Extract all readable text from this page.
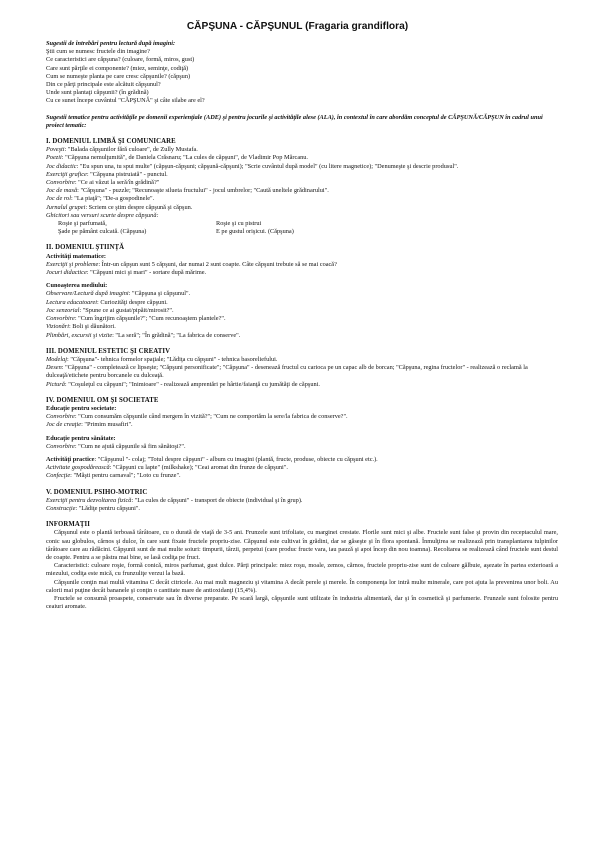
CĂPŞUNA - CĂPŞUNUL (Fragaria grandiflora)
Sugestii de întrebări pentru lectură după imagini:
Ştii cum se numesc fructele din imagine?
Ce caracteristici are căpşuna? (culoare, formă, miros, gust)
Care sunt părţile ei componente? (miez, seminţe, codiţă)
Cum se numeşte planta pe care cresc căpşunile? (căpşun)
Din ce părţi principale este alcătuit căpşunul?
Unde sunt plantaţi căpşunii? (în grădină)
Cu ce sunet începe cuvântul "CĂPŞUNĂ" şi câte silabe are el?
Sugestii tematice pentru activităţile pe domenii experienţiale (ADE) şi pentru jocurile şi activităţile alese (ALA), în contextul în care abordăm conceptul de CĂPŞUNĂ/CĂPŞUN în cadrul unui proiect tematic:
I. DOMENIUL LIMBĂ ŞI COMUNICARE
Poveşti: "Balada căpşunilor fără culoare", de Zully Mustafa.
Poezii: "Căpşuna nemulţumită", de Daniela Crăsnaru; "La cules de căpşuni", de Vladimir Pop Mărcanu.
Joc didactic: "Eu spun una, tu spui multe" (căpşun-căpşuni; căpşună-căpşuni); "Scrie cuvântul după model" (cu litere magnetice); "Denumeşte şi descrie produsul".
Exerciţii grafice: "Căpşuna pistruiată" - punctul.
Convorbire: "Ce ai văzut la seră/în grădină?"
Joc de masă: "Căpşuna" - puzzle; "Recunoaşte silueta fructului" - jocul umbrelor; "Caută uneltele grădinarului".
Joc de rol: "La piaţă"; "De-a gospodinele".
Jurnalul grupei: Scriem ce ştim despre căpşună şi căpşun.
Ghicitori sau versuri scurte despre căpşună:
Roşie şi parfumată,
Şade pe pământ culcată. (Căpşuna)
Roşie şi cu pistrui
E pe gustul orişicui. (Căpşuna)
II. DOMENIUL ŞTIINŢĂ
Activităţi matematice:
Exerciţii şi probleme: Într-un căpşun sunt 5 căpşuni, dar numai 2 sunt coapte. Câte căpşuni trebuie să se mai coacă?
Jocuri didactice: "Căpşuni mici şi mari" - sortare după mărime.
Cunoaşterea mediului:
Observare/Lectură după imagini: "Căpşuna şi căpşunul".
Lectura educatoarei: Curiozităţi despre căpşuni.
Joc senzorial: "Spune ce ai gustat/pipăit/mirosit?".
Convorbire: "Cum îngrijim căpşunile?"; "Cum recunoaştem plantele?".
Vizionări: Boli şi dăunători.
Plimbări, excursii şi vizite: "La seră"; "În grădină"; "La fabrica de conserve".
III. DOMENIUL ESTETIC ŞI CREATIV
Modelaj: "Căpşuna"- tehnica formelor spaţiale; "Lădiţa cu căpşuni" - tehnica basoreliefului.
Desen: "Căpşuna" - completează ce lipseşte; "Căpşuni personificate"; "Căpşuna" - desenează fructul cu carioca pe un capac alb de borcan; "Căpşuna, regina fructelor" - realizează o reclamă la dulceaţă/etichete pentru borcanele cu dulceaţă.
Pictură: "Coşuleţul cu căpşuni"; "Inimioare" - realizează amprentări pe hârtie/faianţă cu jumătăţi de căpşuni.
IV. DOMENIUL OM ŞI SOCIETATE
Educaţie pentru societate:
Convorbire: "Cum consumăm căpşunile când mergem în vizită?"; "Cum ne comportăm la sere/la fabrica de conserve?".
Joc de creaţie: "Primim musafiri".
Educaţie pentru sănătate:
Convorbire: "Cum ne ajută căpşunile să fim sănătoşi?".
Activităţi practice: "Căpşunul "- colaj; "Totul despre căpşuni" - album cu imagini (plantă, fructe, produse, obiecte cu căpşuni etc.).
Activitate gospodărească: "Căpşuni cu lapte" (milkshake); "Ceai aromat din frunze de căpşuni".
Confecţie: "Măşti pentru carnaval"; "Loto cu frunze".
V. DOMENIUL PSIHO-MOTRIC
Exerciţii pentru dezvoltarea fizică: "La cules de căpşuni" - transport de obiecte (individual şi în grup).
Construcţie: "Lădiţe pentru căpşuni".
INFORMAŢII
Căpşunul este o plantă ierboasă târâtoare, cu o durată de viaţă de 3-5 ani. Frunzele sunt trifoliate, cu marginei crestate. Florile sunt mici şi albe. Fructele sunt false şi provin din receptaculul mare, conic sau globulos, cărnos şi dulce, în care sunt fixate fructele propriu-zise. Căpşunul este cultivat în grădini, dar se găseşte şi în flora spontană. Înmulţirea se realizează prin transplantarea tulpinilor târâtoare care au rădăcini. Căpşunii sunt de mai multe soiuri: timpurii, târzii, perpetui (care produc fructe vara, iau pauză şi apoi încep din nou toamna). Recoltarea se realizează când fructele sunt destul de coapte. Pentru a se păstra mai bine, se lasă codiţa pe fruct.
Caracteristici: culoare roşie, formă conică, miros parfumat, gust dulce. Părţi principale: miez roşu, moale, zemos, cărnos, fructele propriu-zise sunt de culoare gălbuie, aşezate în partea exterioară a miezului, codiţa este mică, cu frunzuliţe verzui la bază.
Căpşunile conţin mai multă vitamina C decât citricele. Au mai mult magneziu şi vitamina A decât perele şi merele. În componenţa lor intră multe minerale, care pot ajuta la prevenirea unor boli. Au calorii mai puţine decât bananele şi conţin o cantitate mare de antioxidanţi (15,4%).
Fructele se consumă proaspete, conservate sau în diverse preparate. Pe scară largă, căpşunile sunt utilizate în industria alimentară, dar şi în cosmetică şi parfumerie. Frunzele sunt folosite pentru ceaiuri aromate.
